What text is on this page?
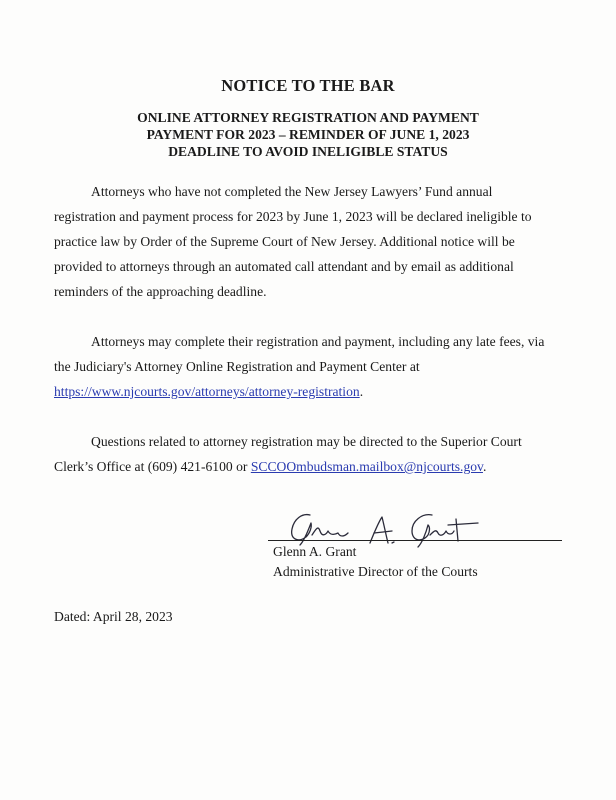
NOTICE TO THE BAR
ONLINE ATTORNEY REGISTRATION AND PAYMENT
PAYMENT FOR 2023 – REMINDER OF JUNE 1, 2023
DEADLINE TO AVOID INELIGIBLE STATUS
Attorneys who have not completed the New Jersey Lawyers’ Fund annual
registration and payment process for 2023 by June 1, 2023 will be declared ineligible to
practice law by Order of the Supreme Court of New Jersey. Additional notice will be
provided to attorneys through an automated call attendant and by email as additional
reminders of the approaching deadline.
Attorneys may complete their registration and payment, including any late fees, via
the Judiciary's Attorney Online Registration and Payment Center at
https://www.njcourts.gov/attorneys/attorney-registration.
Questions related to attorney registration may be directed to the Superior Court
Clerk’s Office at (609) 421-6100 or SCCOOmbudsman.mailbox@njcourts.gov.
Glenn A. Grant
Administrative Director of the Courts
Dated: April 28, 2023
